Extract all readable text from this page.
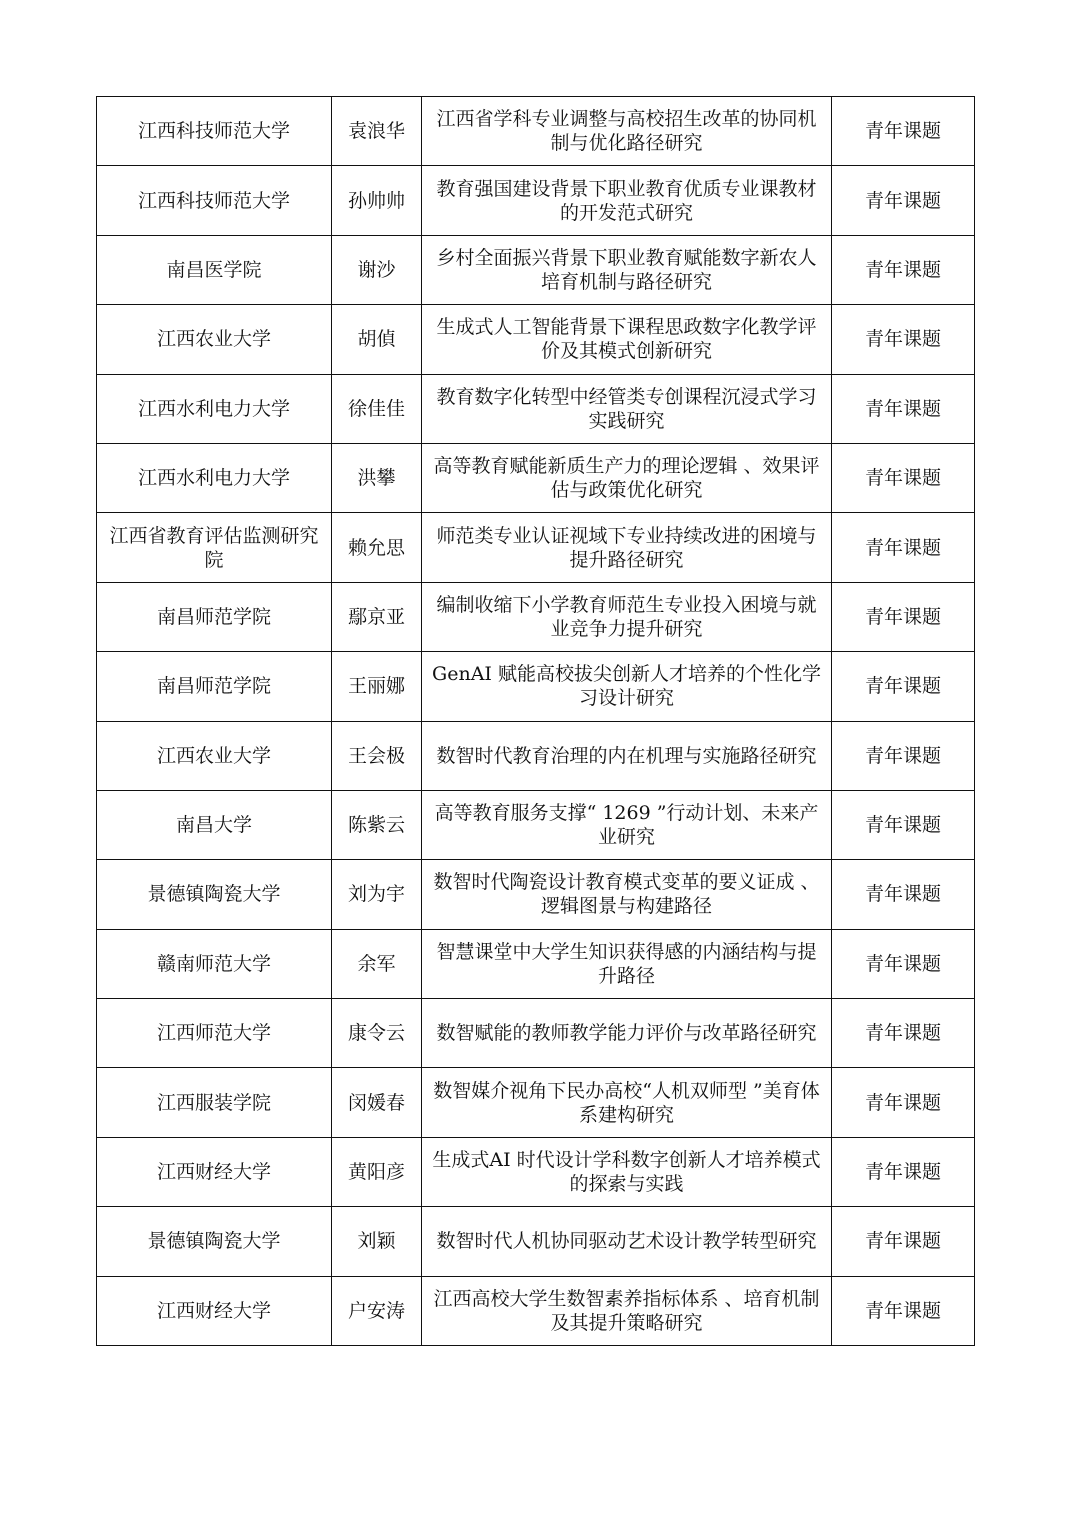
江西科技师范大学	袁浪华	江西省学科专业调整与高校招生改革的协同机制与优化路径研究	青年课题
江西科技师范大学	孙帅帅	教育强国建设背景下职业教育优质专业课教材的开发范式研究	青年课题
南昌医学院	谢沙	乡村全面振兴背景下职业教育赋能数字新农人培育机制与路径研究	青年课题
江西农业大学	胡偵	生成式人工智能背景下课程思政数字化教学评价及其模式创新研究	青年课题
江西水利电力大学	徐佳佳	教育数字化转型中经管类专创课程沉浸式学习实践研究	青年课题
江西水利电力大学	洪攀	高等教育赋能新质生产力的理论逻辑 、效果评估与政策优化研究	青年课题
江西省教育评估监测研究院	赖允思	师范类专业认证视域下专业持续改进的困境与提升路径研究	青年课题
南昌师范学院	鄢京亚	编制收缩下小学教育师范生专业投入困境与就业竞争力提升研究	青年课题
南昌师范学院	王丽娜	GenAI 赋能高校拔尖创新人才培养的个性化学习设计研究	青年课题
江西农业大学	王会极	数智时代教育治理的内在机理与实施路径研究	青年课题
南昌大学	陈紫云	高等教育服务支撑“ 1269 ”行动计划、未来产业研究	青年课题
景德镇陶瓷大学	刘为宇	数智时代陶瓷设计教育模式变革的要义证成 、逻辑图景与构建路径	青年课题
赣南师范大学	余军	智慧课堂中大学生知识获得感的内涵结构与提升路径	青年课题
江西师范大学	康令云	数智赋能的教师教学能力评价与改革路径研究	青年课题
江西服装学院	闵媛春	数智媒介视角下民办高校“人机双师型 ”美育体系建构研究	青年课题
江西财经大学	黄阳彦	生成式AI 时代设计学科数字创新人才培养模式的探索与实践	青年课题
景德镇陶瓷大学	刘颖	数智时代人机协同驱动艺术设计教学转型研究	青年课题
江西财经大学	户安涛	江西高校大学生数智素养指标体系 、培育机制及其提升策略研究	青年课题
